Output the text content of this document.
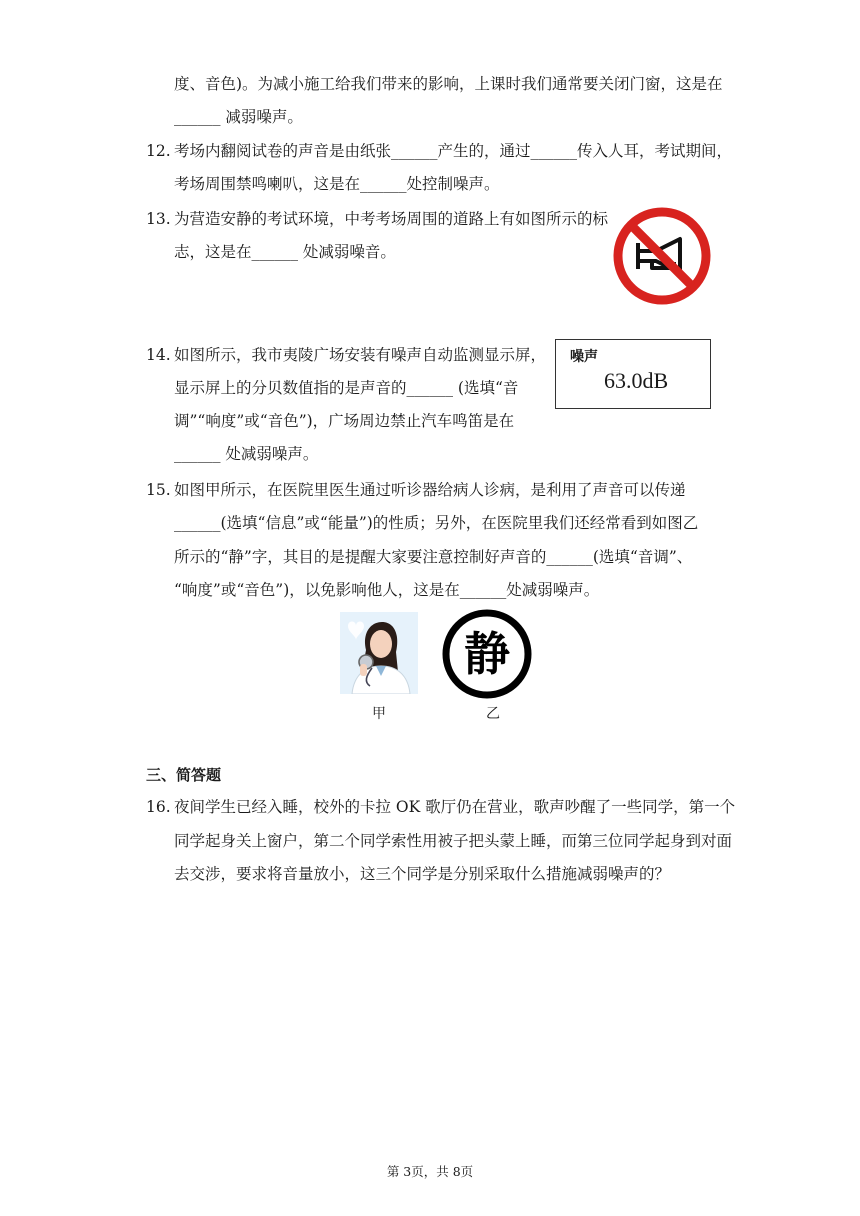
度、音色)。为减小施工给我们带来的影响，上课时我们通常要关闭门窗，这是在
______ 减弱噪声。
12. 考场内翻阅试卷的声音是由纸张______产生的，通过______传入人耳，考试期间，
考场周围禁鸣喇叭，这是在______处控制噪声。
13. 为营造安静的考试环境，中考考场周围的道路上有如图所示的标
志，这是在______ 处减弱噪音。
14. 如图所示，我市夷陵广场安装有噪声自动监测显示屏，
显示屏上的分贝数值指的是声音的______ (选填“音
调”“响度”或“音色”)，广场周边禁止汽车鸣笛是在
______ 处减弱噪声。
噪声
63.0dB
15. 如图甲所示，在医院里医生通过听诊器给病人诊病，是利用了声音可以传递
______(选填“信息”或“能量”)的性质；另外，在医院里我们还经常看到如图乙
所示的“静”字，其目的是提醒大家要注意控制好声音的______(选填“音调”、
“响度”或“音色”)，以免影响他人，这是在______处减弱噪声。
静
甲	乙
三、简答题
16. 夜间学生已经入睡，校外的卡拉 OK 歌厅仍在营业，歌声吵醒了一些同学，第一个
同学起身关上窗户，第二个同学索性用被子把头蒙上睡，而第三位同学起身到对面
去交涉，要求将音量放小，这三个同学是分别采取什么措施减弱噪声的？
第 3页，共 8页
